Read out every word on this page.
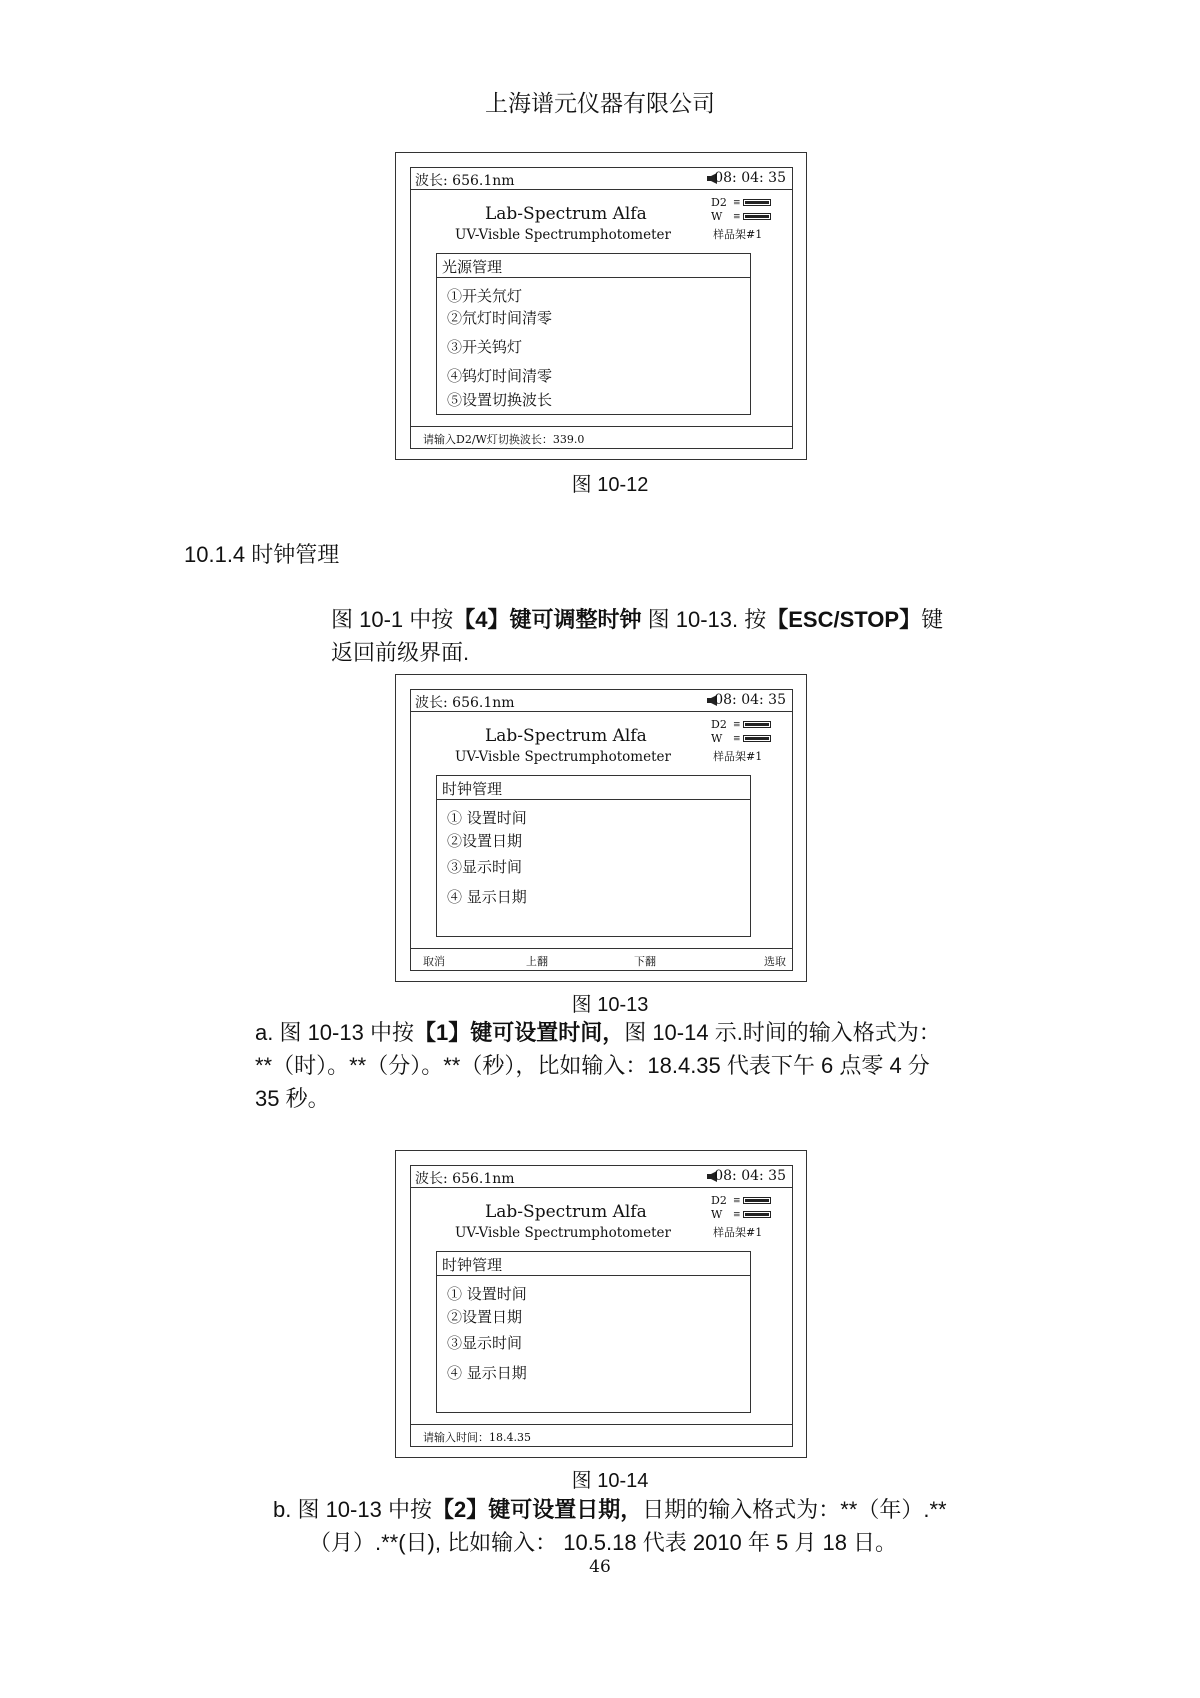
上海谱元仪器有限公司
波长: 656.1nm	08: 04: 35
Lab-Spectrum Alfa
UV-Visble Spectrumphotometer
D2 ≡
W	≡
样品架#1
光源管理
①开关氘灯
②氘灯时间清零
③开关钨灯
④钨灯时间清零
⑤设置切换波长
请输入D2/W灯切换波长：339.0
图 10-12
10.1.4 时钟管理
图 10-1 中按【4】键可调整时钟 图 10-13. 按【ESC/STOP】键
返回前级界面.
波长: 656.1nm	08: 04: 35
Lab-Spectrum Alfa
UV-Visble Spectrumphotometer
D2 ≡
W	≡
样品架#1
时钟管理
① 设置时间
②设置日期
③显示时间
④ 显示日期
取消	上翻	下翻	选取
图 10-13
a. 图 10-13 中按【1】键可设置时间，图 10-14 示.时间的输入格式为：
**（时）。**（分）。**（秒），比如输入：18.4.35 代表下午 6 点零 4 分
35 秒。
波长: 656.1nm	08: 04: 35
Lab-Spectrum Alfa
UV-Visble Spectrumphotometer
D2 ≡
W	≡
样品架#1
时钟管理
① 设置时间
②设置日期
③显示时间
④ 显示日期
请输入时间：18.4.35
图 10-14
b. 图 10-13 中按【2】键可设置日期，日期的输入格式为：**（年）.**
（月）.**(日), 比如输入： 10.5.18 代表 2010 年 5 月 18 日。
46
